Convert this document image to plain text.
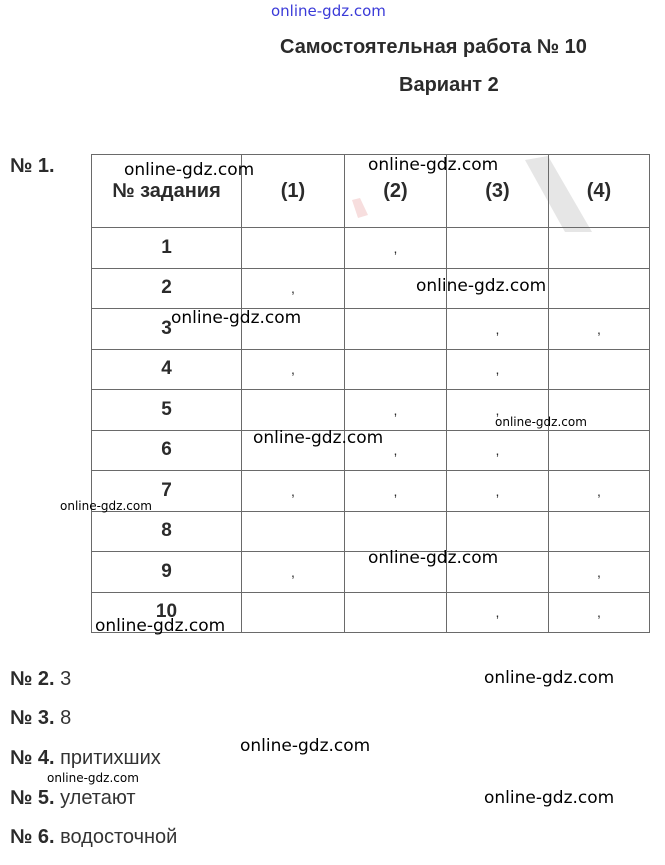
online-gdz.com
Самостоятельная работа № 10
Вариант 2
№ 1.
№ задания	(1)	(2)	(3)	(4)
1		,		
2	,			
3			,	,
4	,		,	
5		,	,	
6		,	,	
7	,	,	,	,
8				
9	,			,
10			,	,
online-gdz.com	online-gdz.com
online-gdz.com
online-gdz.com
online-gdz.com
online-gdz.com
online-gdz.com
online-gdz.com
online-gdz.com
online-gdz.com
online-gdz.com
online-gdz.com
online-gdz.com
№ 2. 3
№ 3. 8
№ 4. притихших
№ 5. улетают
№ 6. водосточной
